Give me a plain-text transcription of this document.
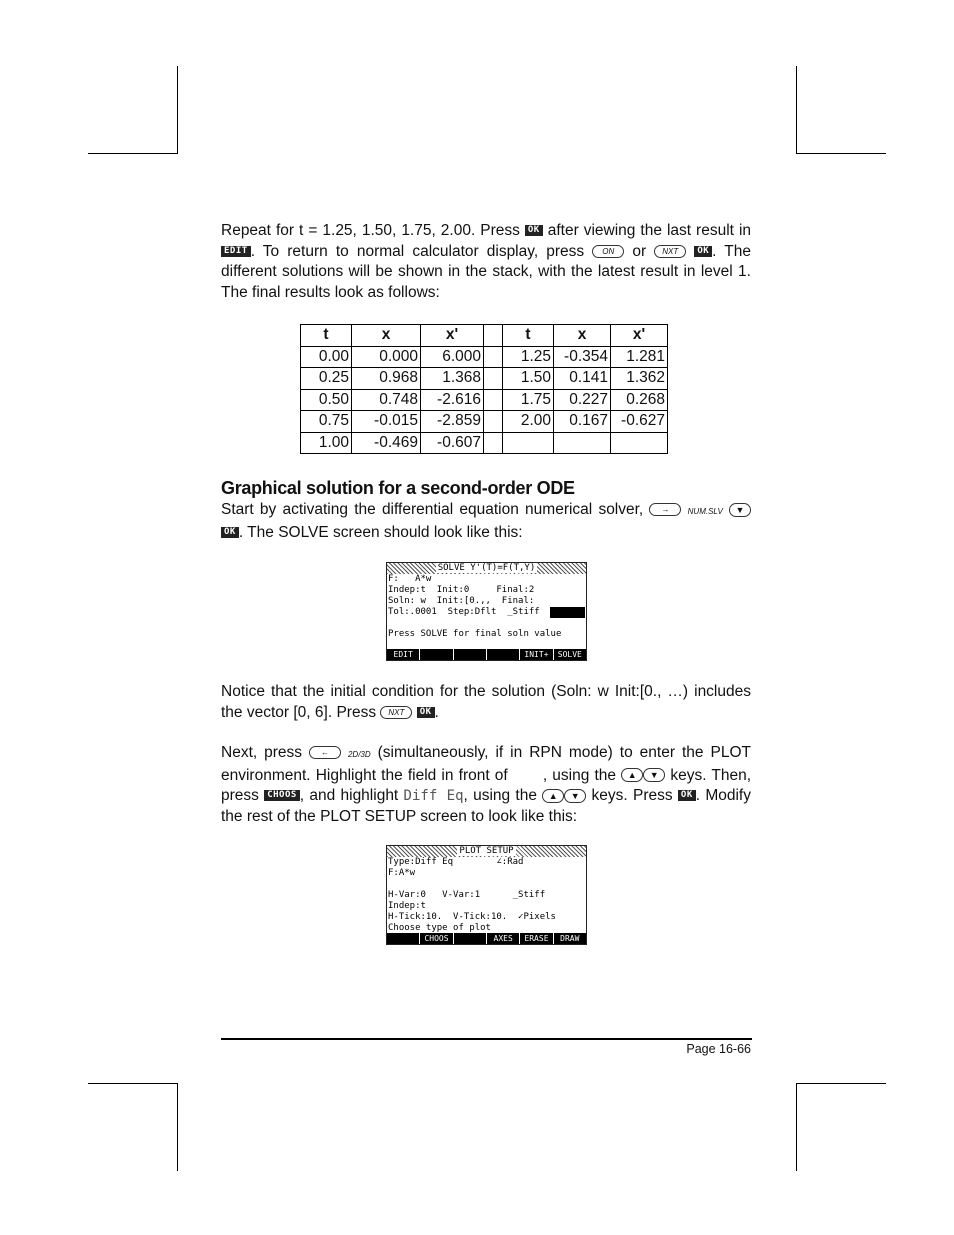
Repeat for t = 1.25, 1.50, 1.75, 2.00. Press OK after viewing the last result in EDIT . To return to normal calculator display, press ON or NXT OK . The different solutions will be shown in the stack, with the latest result in level 1. The final results look as follows:

t	x	x'		t	x	x'
0.00	0.000	6.000		1.25	-0.354	1.281
0.25	0.968	1.368		1.50	0.141	1.362
0.50	0.748	-2.616		1.75	0.227	0.268
0.75	-0.015	-2.859		2.00	0.167	-0.627
1.00	-0.469	-0.607				
Graphical solution for a second-order ODE

Start by activating the differential equation numerical solver, → NUM.SLV ▼ OK . The SOLVE screen should look like this:

SOLVE Y'(T)=F(T,Y)
F:   A*w
Indep:t  Init:0     Final:2
Soln: w  Init:[0.,,  Final:
Tol:.0001  Step:Dflt  _Stiff
Press SOLVE for final soln value
EDIT	INIT+	SOLVE

Notice that the initial condition for the solution (Soln: w Init:[0., …) includes the vector [0, 6]. Press NXT OK .

Next, press ← 2D/3D (simultaneously, if in RPN mode) to enter the PLOT environment. Highlight the field in front of , using the ▲ ▼ keys. Then, press CHOOS , and highlight Diff Eq, using the ▲ ▼ keys. Press OK . Modify the rest of the PLOT SETUP screen to look like this:

PLOT SETUP
Type:Diff Eq        ∠:Rad
F:A*w
H-Var:0   V-Var:1      _Stiff
Indep:t
H-Tick:10.  V-Tick:10.  ✓Pixels
Choose type of plot
CHOOS	AXES	ERASE	DRAW
Page 16-66
